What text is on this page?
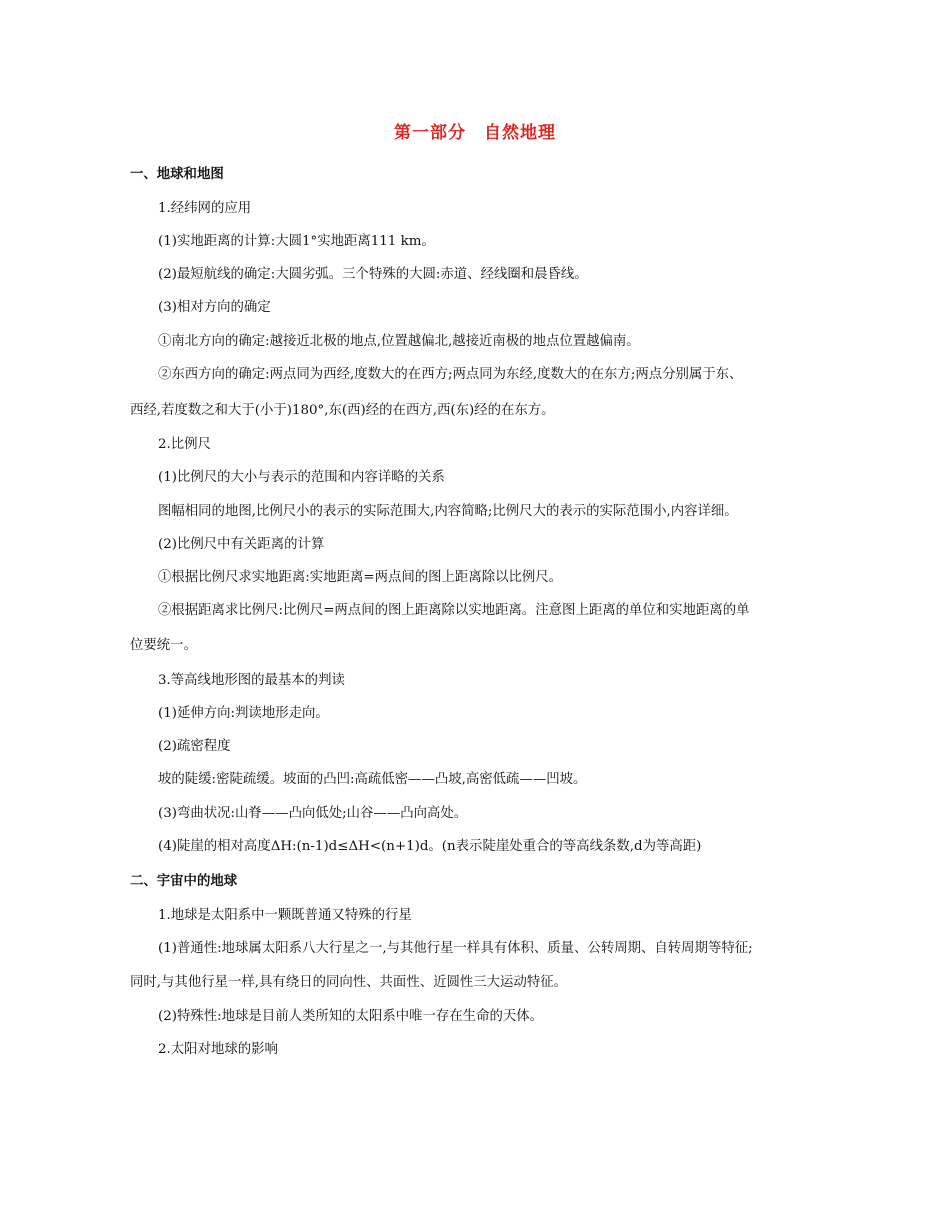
第一部分　自然地理
一、地球和地图
1.经纬网的应用
(1)实地距离的计算:大圆1°实地距离111 km。
(2)最短航线的确定:大圆劣弧。三个特殊的大圆:赤道、经线圈和晨昏线。
(3)相对方向的确定
①南北方向的确定:越接近北极的地点,位置越偏北,越接近南极的地点位置越偏南。
②东西方向的确定:两点同为西经,度数大的在西方;两点同为东经,度数大的在东方;两点分别属于东、
西经,若度数之和大于(小于)180°,东(西)经的在西方,西(东)经的在东方。
2.比例尺
(1)比例尺的大小与表示的范围和内容详略的关系
图幅相同的地图,比例尺小的表示的实际范围大,内容简略;比例尺大的表示的实际范围小,内容详细。
(2)比例尺中有关距离的计算
①根据比例尺求实地距离:实地距离=两点间的图上距离除以比例尺。
②根据距离求比例尺:比例尺=两点间的图上距离除以实地距离。注意图上距离的单位和实地距离的单
位要统一。
3.等高线地形图的最基本的判读
(1)延伸方向:判读地形走向。
(2)疏密程度
坡的陡缓:密陡疏缓。坡面的凸凹:高疏低密——凸坡,高密低疏——凹坡。
(3)弯曲状况:山脊——凸向低处;山谷——凸向高处。
(4)陡崖的相对高度ΔH:(n-1)d≤ΔH<(n+1)d。(n表示陡崖处重合的等高线条数,d为等高距)
二、宇宙中的地球
1.地球是太阳系中一颗既普通又特殊的行星
(1)普通性:地球属太阳系八大行星之一,与其他行星一样具有体积、质量、公转周期、自转周期等特征;
同时,与其他行星一样,具有绕日的同向性、共面性、近圆性三大运动特征。
(2)特殊性:地球是目前人类所知的太阳系中唯一存在生命的天体。
2.太阳对地球的影响
